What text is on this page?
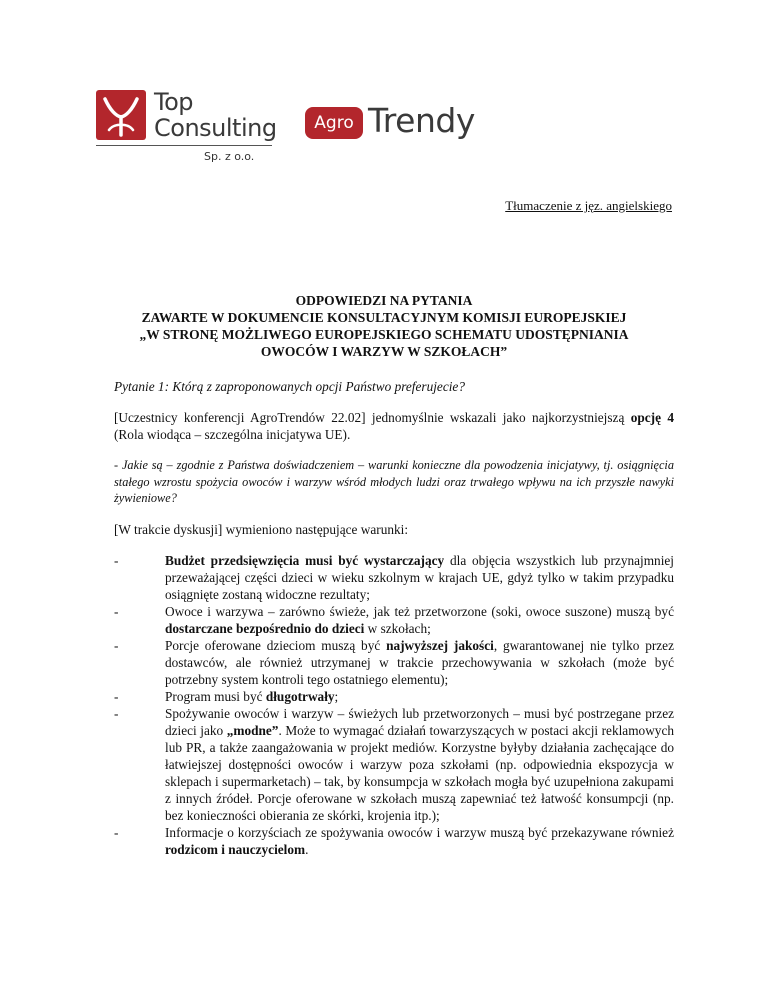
Top
Consulting
Sp. z o.o.
Agro Trendy
Tłumaczenie z jęz. angielskiego
ODPOWIEDZI NA PYTANIA
ZAWARTE W DOKUMENCIE KONSULTACYJNYM KOMISJI EUROPEJSKIEJ
„W STRONĘ MOŻLIWEGO EUROPEJSKIEGO SCHEMATU UDOSTĘPNIANIA
OWOCÓW I WARZYW W SZKOŁACH”

Pytanie 1: Którą z zaproponowanych opcji Państwo preferujecie?

[Uczestnicy konferencji AgroTrendów 22.02] jednomyślnie wskazali jako najkorzystniejszą opcję 4 (Rola wiodąca – szczególna inicjatywa UE).

- Jakie są – zgodnie z Państwa doświadczeniem – warunki konieczne dla powodzenia inicjatywy, tj. osiągnięcia stałego wzrostu spożycia owoców i warzyw wśród młodych ludzi oraz trwałego wpływu na ich przyszłe nawyki żywieniowe?

[W trakcie dyskusji] wymieniono następujące warunki:

-	Budżet przedsięwzięcia musi być wystarczający dla objęcia wszystkich lub przynajmniej przeważającej części dzieci w wieku szkolnym w krajach UE, gdyż tylko w takim przypadku osiągnięte zostaną widoczne rezultaty;
-	Owoce i warzywa – zarówno świeże, jak też przetworzone (soki, owoce suszone) muszą być dostarczane bezpośrednio do dzieci w szkołach;
-	Porcje oferowane dzieciom muszą być najwyższej jakości, gwarantowanej nie tylko przez dostawców, ale również utrzymanej w trakcie przechowywania w szkołach (może być potrzebny system kontroli tego ostatniego elementu);
-	Program musi być długotrwały;
-	Spożywanie owoców i warzyw – świeżych lub przetworzonych – musi być postrzegane przez dzieci jako „modne”. Może to wymagać działań towarzyszących w postaci akcji reklamowych lub PR, a także zaangażowania w projekt mediów. Korzystne byłyby działania zachęcające do łatwiejszej dostępności owoców i warzyw poza szkołami (np. odpowiednia ekspozycja w sklepach i supermarketach) – tak, by konsumpcja w szkołach mogła być uzupełniona zakupami z innych źródeł. Porcje oferowane w szkołach muszą zapewniać też łatwość konsumpcji (np. bez konieczności obierania ze skórki, krojenia itp.);
-	Informacje o korzyściach ze spożywania owoców i warzyw muszą być przekazywane również rodzicom i nauczycielom.
